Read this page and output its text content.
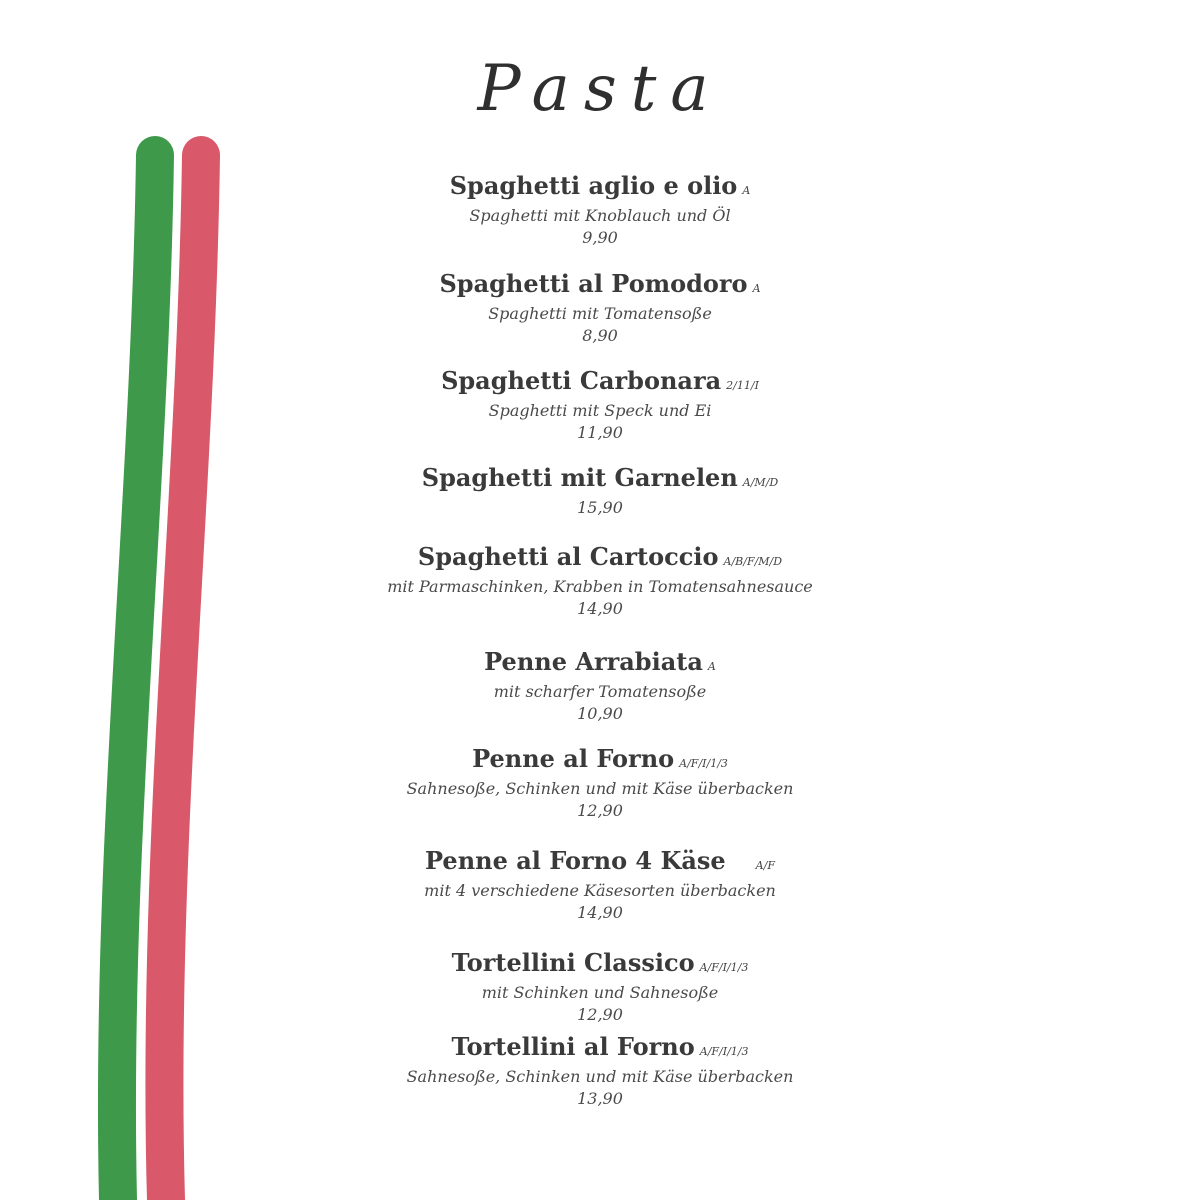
Pasta
Spaghetti aglio e olio A
Spaghetti mit Knoblauch und Öl
9,90
Spaghetti al Pomodoro A
Spaghetti mit Tomatensoße
8,90
Spaghetti Carbonara 2/11/I
Spaghetti mit Speck und Ei
11,90
Spaghetti mit Garnelen A/M/D
15,90
Spaghetti al Cartoccio A/B/F/M/D
mit Parmaschinken, Krabben in Tomatensahnesauce
14,90
Penne Arrabiata A
mit scharfer Tomatensoße
10,90
Penne al Forno A/F/I/1/3
Sahnesoße, Schinken und mit Käse überbacken
12,90
Penne al Forno 4 Käse	A/F
mit 4 verschiedene Käsesorten überbacken
14,90
Tortellini Classico A/F/I/1/3
mit Schinken und Sahnesoße
12,90
Tortellini al Forno A/F/I/1/3
Sahnesoße, Schinken und mit Käse überbacken
13,90
